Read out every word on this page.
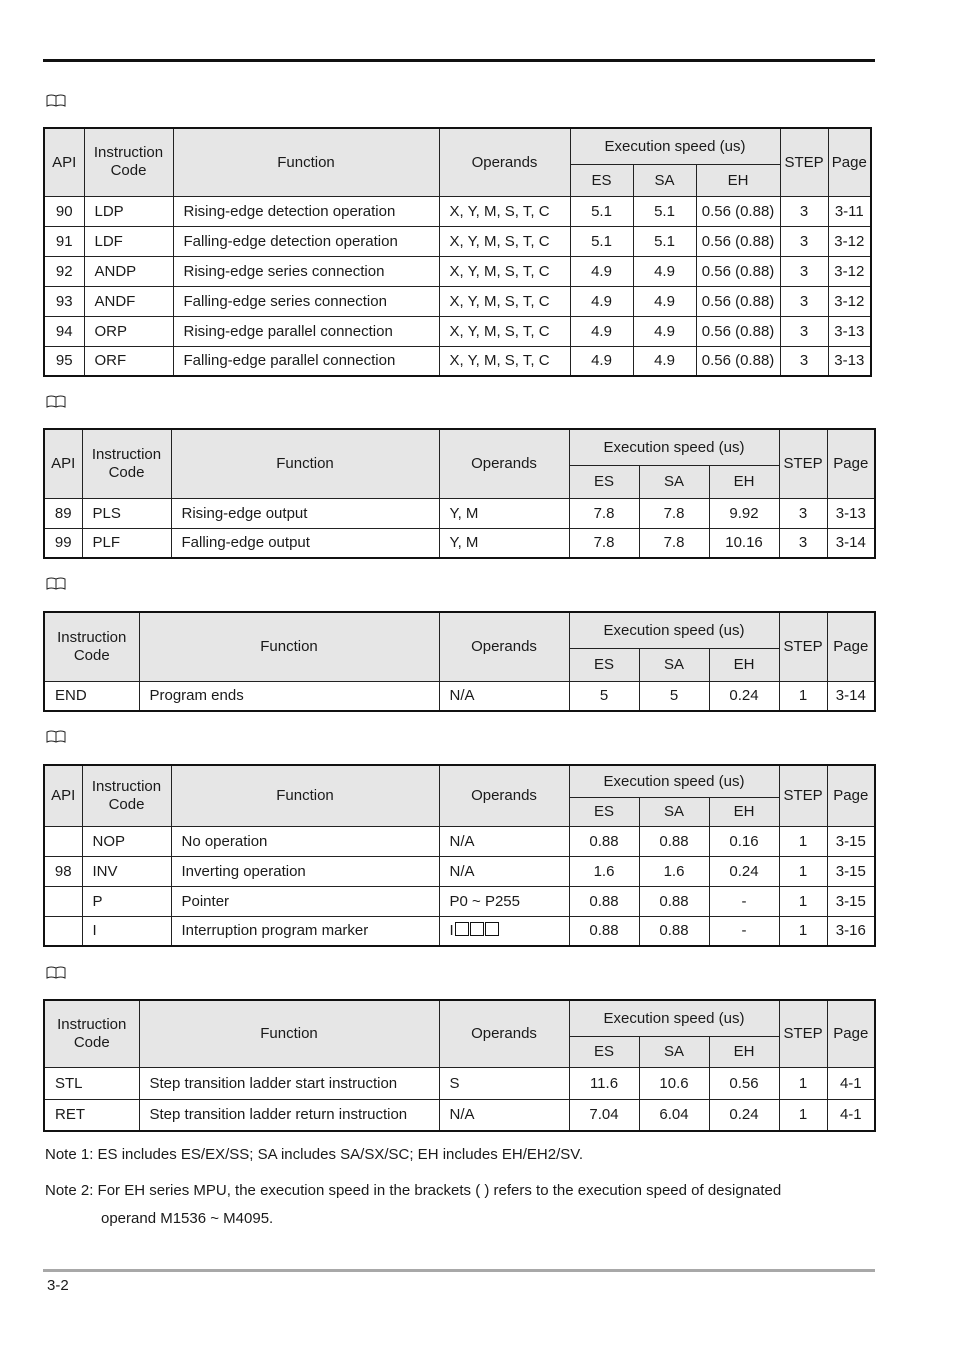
API	Instruction Code	Function	Operands	Execution speed (us)			STEP	Page
				ES	SA	EH		
90	LDP	Rising-edge detection operation	X, Y, M, S, T, C	5.1	5.1	0.56 (0.88)	3	3-11
91	LDF	Falling-edge detection operation	X, Y, M, S, T, C	5.1	5.1	0.56 (0.88)	3	3-12
92	ANDP	Rising-edge series connection	X, Y, M, S, T, C	4.9	4.9	0.56 (0.88)	3	3-12
93	ANDF	Falling-edge series connection	X, Y, M, S, T, C	4.9	4.9	0.56 (0.88)	3	3-12
94	ORP	Rising-edge parallel connection	X, Y, M, S, T, C	4.9	4.9	0.56 (0.88)	3	3-13
95	ORF	Falling-edge parallel connection	X, Y, M, S, T, C	4.9	4.9	0.56 (0.88)	3	3-13
API	Instruction Code	Function	Operands	Execution speed (us)			STEP	Page
				ES	SA	EH		
89	PLS	Rising-edge output	Y, M	7.8	7.8	9.92	3	3-13
99	PLF	Falling-edge output	Y, M	7.8	7.8	10.16	3	3-14
Instruction Code	Function	Operands	Execution speed (us)			STEP	Page
			ES	SA	EH		
END	Program ends	N/A	5	5	0.24	1	3-14
API	Instruction Code	Function	Operands	Execution speed (us)			STEP	Page
				ES	SA	EH		
	NOP	No operation	N/A	0.88	0.88	0.16	1	3-15
98	INV	Inverting operation	N/A	1.6	1.6	0.24	1	3-15
	P	Pointer	P0 ~ P255	0.88	0.88	-	1	3-15
	I	Interruption program marker	I	0.88	0.88	-	1	3-16
Instruction Code	Function	Operands	Execution speed (us)			STEP	Page
			ES	SA	EH		
STL	Step transition ladder start instruction	S	11.6	10.6	0.56	1	4-1
RET	Step transition ladder return instruction	N/A	7.04	6.04	0.24	1	4-1
Note 1: ES includes ES/EX/SS; SA includes SA/SX/SC; EH includes EH/EH2/SV.
Note 2: For EH series MPU, the execution speed in the brackets ( ) refers to the execution speed of designated
operand M1536 ~ M4095.
3-2
